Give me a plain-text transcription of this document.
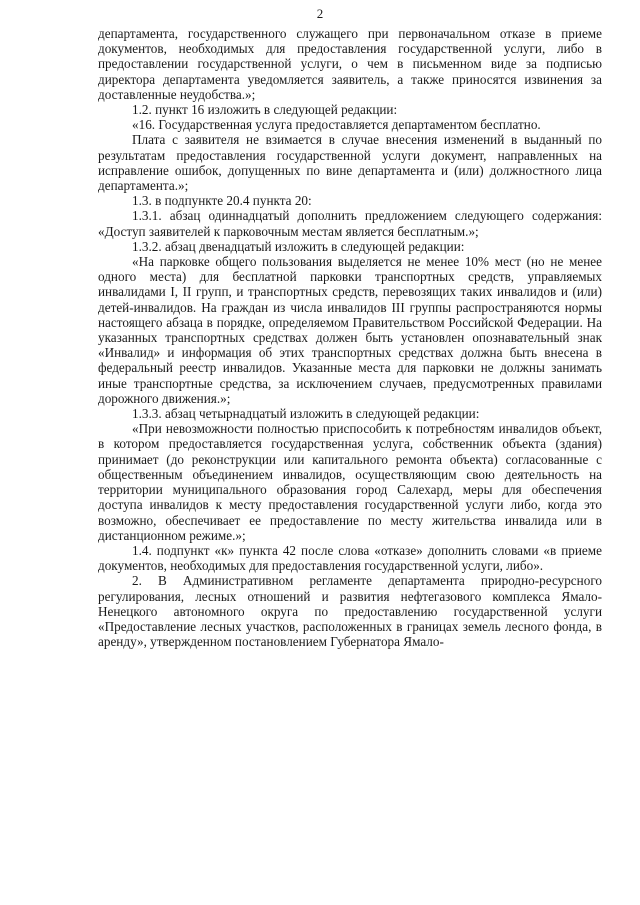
2

департамента, государственного служащего при первоначальном отказе в приеме документов, необходимых для предоставления государственной услуги, либо в предоставлении государственной услуги, о чем в письменном виде за подписью директора департамента уведомляется заявитель, а также приносятся извинения за доставленные неудобства.»;

1.2. пункт 16 изложить в следующей редакции:

«16. Государственная услуга предоставляется департаментом бесплатно.

Плата с заявителя не взимается в случае внесения изменений в выданный по результатам предоставления государственной услуги документ, направленных на исправление ошибок, допущенных по вине департамента и (или) должностного лица департамента.»;

1.3. в подпункте 20.4 пункта 20:

1.3.1. абзац одиннадцатый дополнить предложением следующего содержания: «Доступ заявителей к парковочным местам является бесплатным.»;

1.3.2. абзац двенадцатый изложить в следующей редакции:

«На парковке общего пользования выделяется не менее 10% мест (но не менее одного места) для бесплатной парковки транспортных средств, управляемых инвалидами I, II групп, и транспортных средств, перевозящих таких инвалидов и (или) детей-инвалидов. На граждан из числа инвалидов III группы распространяются нормы настоящего абзаца в порядке, определяемом Правительством Российской Федерации. На указанных транспортных средствах должен быть установлен опознавательный знак «Инвалид» и информация об этих транспортных средствах должна быть внесена в федеральный реестр инвалидов. Указанные места для парковки не должны занимать иные транспортные средства, за исключением случаев, предусмотренных правилами дорожного движения.»;

1.3.3. абзац четырнадцатый изложить в следующей редакции:

«При невозможности полностью приспособить к потребностям инвалидов объект, в котором предоставляется государственная услуга, собственник объекта (здания) принимает (до реконструкции или капитального ремонта объекта) согласованные с общественным объединением инвалидов, осуществляющим свою деятельность на территории муниципального образования город Салехард, меры для обеспечения доступа инвалидов к месту предоставления государственной услуги либо, когда это возможно, обеспечивает ее предоставление по месту жительства инвалида или в дистанционном режиме.»;

1.4. подпункт «к» пункта 42 после слова «отказе» дополнить словами «в приеме документов, необходимых для предоставления государственной услуги, либо».

2. В Административном регламенте департамента природно-ресурсного регулирования, лесных отношений и развития нефтегазового комплекса Ямало-Ненецкого автономного округа по предоставлению государственной услуги «Предоставление лесных участков, расположенных в границах земель лесного фонда, в аренду», утвержденном постановлением Губернатора Ямало-
